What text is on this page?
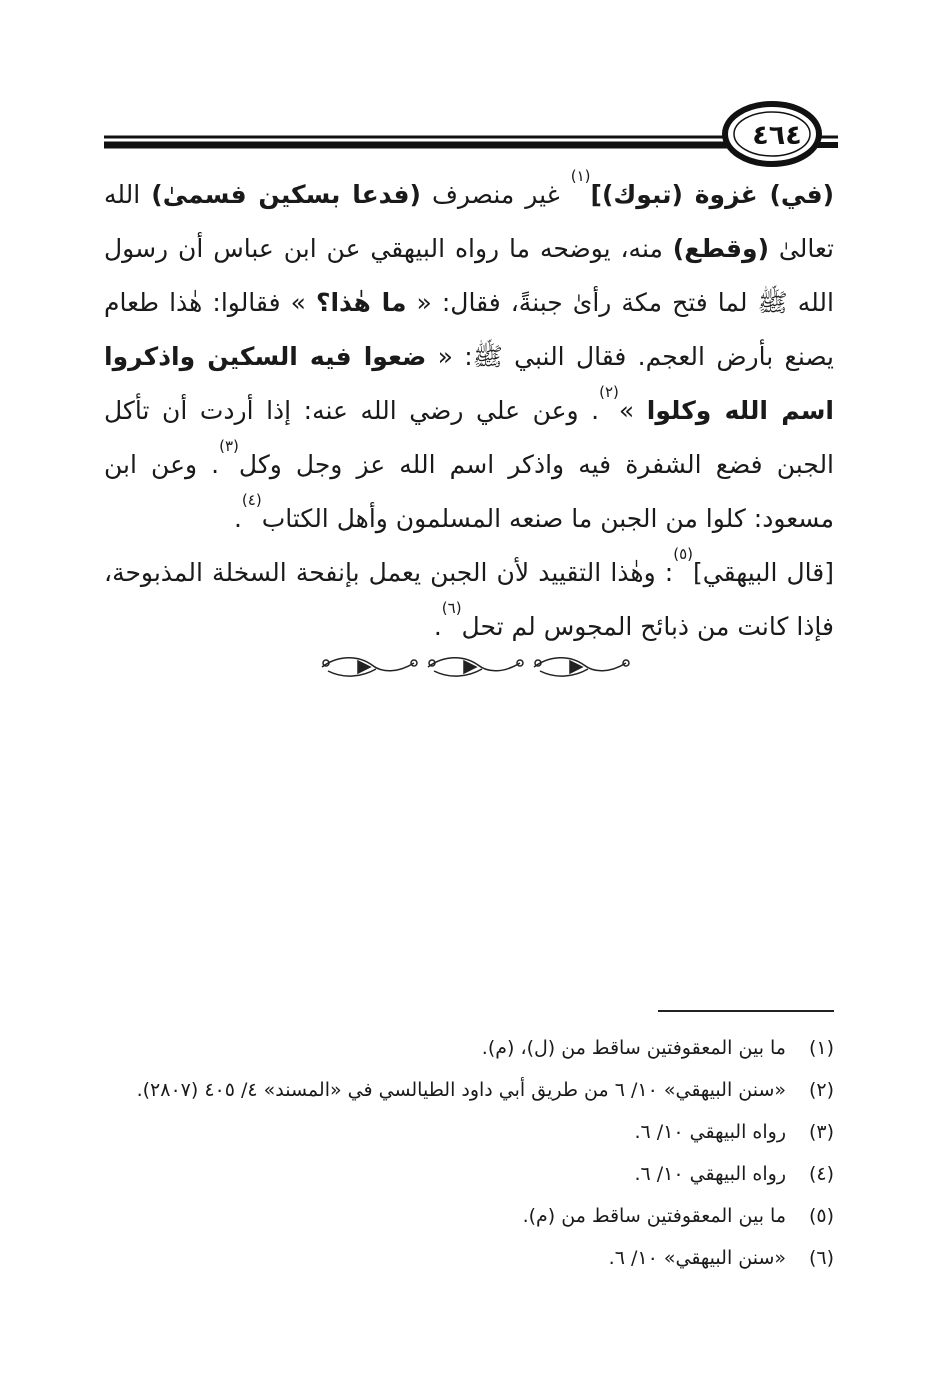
٤٦٤

(في) غزوة (تبوك)]$^{(١)}$ غير منصرف (فدعا بسكين فسمىٰ) الله تعالىٰ (وقطع) منه، يوضحه ما رواه البيهقي عن ابن عباس أن رسول الله ﷺ لما فتح مكة رأىٰ جبنةً، فقال: « ما هٰذا؟ » فقالوا: هٰذا طعام يصنع بأرض العجم. فقال النبي ﷺ: « ضعوا فيه السكين واذكروا اسم الله وكلوا »$^{(٢)}$. وعن علي رضي الله عنه: إذا أردت أن تأكل الجبن فضع الشفرة فيه واذكر اسم الله عز وجل وكل$^{(٣)}$. وعن ابن مسعود: كلوا من الجبن ما صنعه المسلمون وأهل الكتاب$^{(٤)}$.

[قال البيهقي]$^{(٥)}$: وهٰذا التقييد لأن الجبن يعمل بإنفحة السخلة المذبوحة، فإذا كانت من ذبائح المجوس لم تحل$^{(٦)}$.

(١)ما بين المعقوفتين ساقط من (ل)، (م).
(٢)«سنن البيهقي» ١٠/ ٦ من طريق أبي داود الطيالسي في «المسند» ٤/ ٤٠٥ (٢٨٠٧).
(٣)رواه البيهقي ١٠/ ٦.
(٤)رواه البيهقي ١٠/ ٦.
(٥)ما بين المعقوفتين ساقط من (م).
(٦)«سنن البيهقي» ١٠/ ٦.
